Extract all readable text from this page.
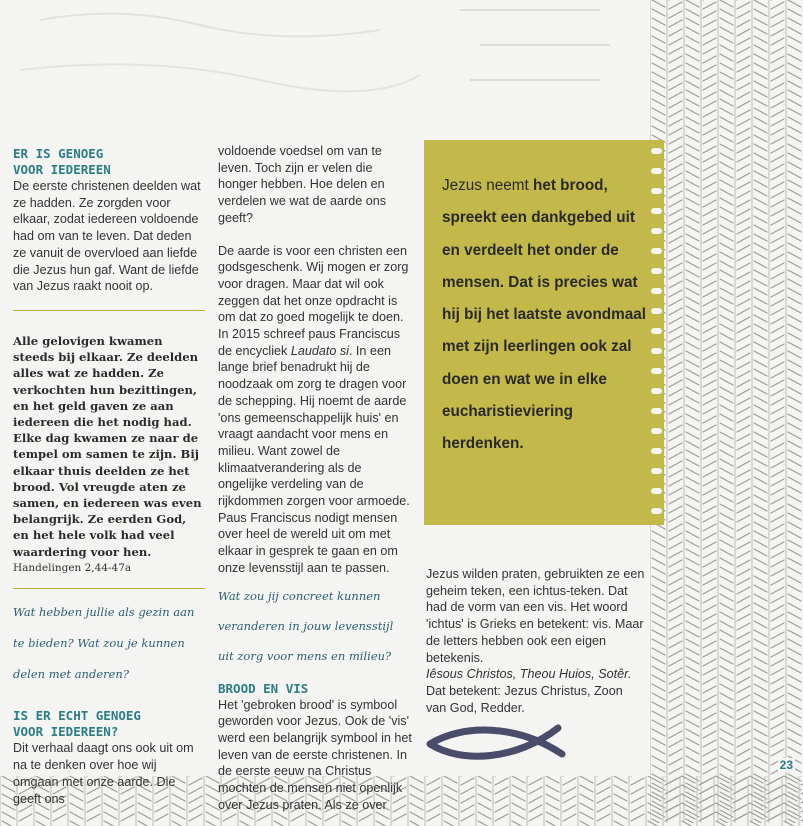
ER IS GENOEG
VOOR IEDEREEN

De eerste christenen deelden wat ze hadden. Ze zorgden voor elkaar, zodat iedereen voldoende had om van te leven. Dat deden ze vanuit de overvloed aan liefde die Jezus hun gaf. Want de liefde van Jezus raakt nooit op.

Alle gelovigen kwamen steeds bij elkaar. Ze deelden alles wat ze hadden. Ze verkochten hun bezittingen, en het geld gaven ze aan iedereen die het nodig had. Elke dag kwamen ze naar de tempel om samen te zijn. Bij elkaar thuis deelden ze het brood. Vol vreugde aten ze samen, en iedereen was even belangrijk. Ze eerden God, en het hele volk had veel waardering voor hen.
Handelingen 2,44-47a
Wat hebben jullie als gezin aan te bieden? Wat zou je kunnen delen met anderen?
IS ER ECHT GENOEG
VOOR IEDEREEN?

Dit verhaal daagt ons ook uit om na te denken over hoe wij omgaan met onze aarde. Die geeft ons

voldoende voedsel om van te leven. Toch zijn er velen die honger hebben. Hoe delen en verdelen we wat de aarde ons geeft?

De aarde is voor een christen een godsgeschenk. Wij mogen er zorg voor dragen. Maar dat wil ook zeggen dat het onze opdracht is om dat zo goed mogelijk te doen. In 2015 schreef paus Franciscus de encycliek Laudato si. In een lange brief benadrukt hij de noodzaak om zorg te dragen voor de schepping. Hij noemt de aarde 'ons gemeenschappelijk huis' en vraagt aandacht voor mens en milieu. Want zowel de klimaatverandering als de ongelijke verdeling van de rijkdommen zorgen voor armoede. Paus Franciscus nodigt mensen over heel de wereld uit om met elkaar in gesprek te gaan en om onze levensstijl aan te passen.

Wat zou jij concreet kunnen veranderen in jouw levensstijl uit zorg voor mens en milieu?
BROOD EN VIS

Het 'gebroken brood' is symbool geworden voor Jezus. Ook de 'vis' werd een belangrijk symbool in het leven van de eerste christenen. In de eerste eeuw na Christus mochten de mensen niet openlijk over Jezus praten. Als ze over

Jezus neemt het brood, spreekt een dankgebed uit en verdeelt het onder de mensen. Dat is precies wat hij bij het laatste avondmaal met zijn leerlingen ook zal doen en wat we in elke eucharistieviering herdenken.

Jezus wilden praten, gebruikten ze een geheim teken, een ichtus-teken. Dat had de vorm van een vis. Het woord 'ichtus' is Grieks en betekent: vis. Maar de letters hebben ook een eigen betekenis.

Iêsous Christos, Theou Huios, Sotêr.

Dat betekent: Jezus Christus, Zoon van God, Redder.

23
